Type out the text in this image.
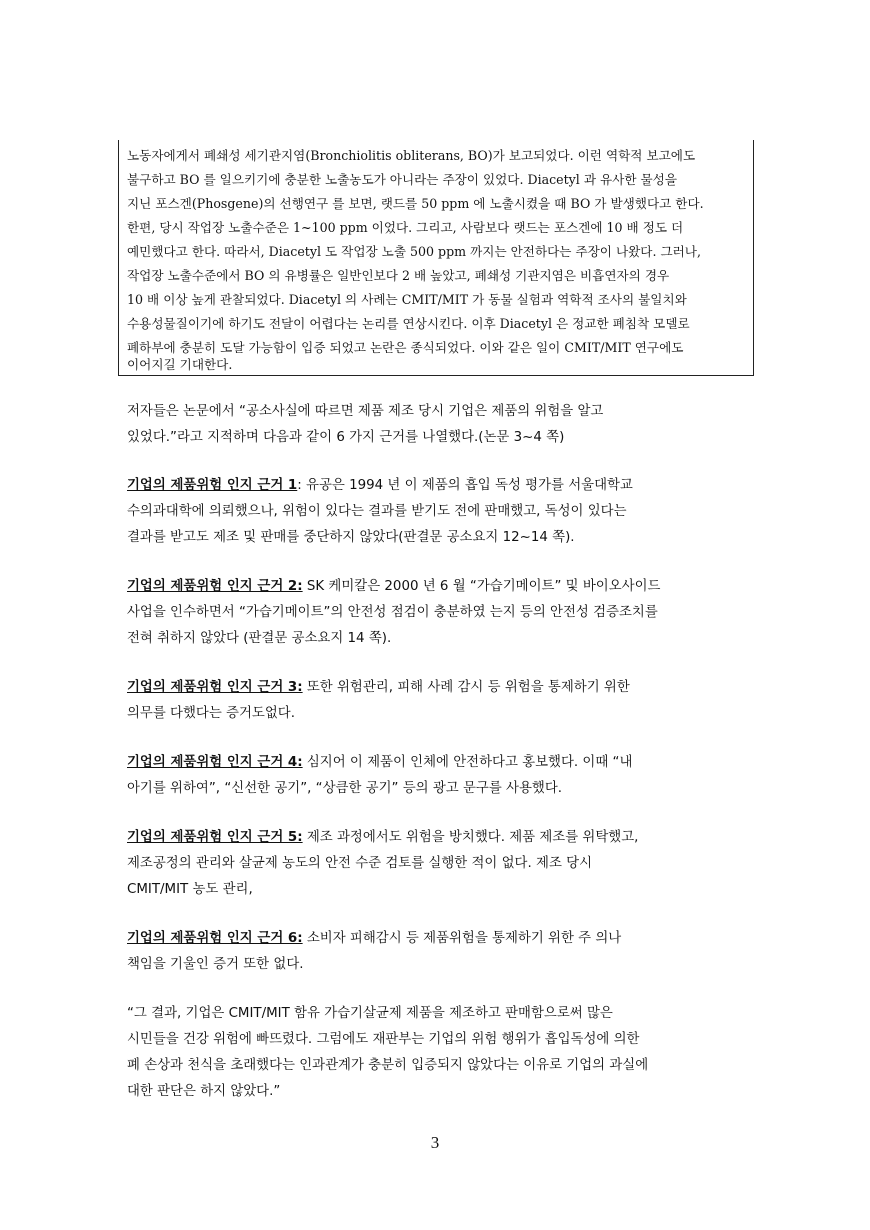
노동자에게서 폐쇄성 세기관지염(Bronchiolitis obliterans, BO)가 보고되었다. 이런 역학적 보고에도
불구하고 BO 를 일으키기에 충분한 노출농도가 아니라는 주장이 있었다. Diacetyl 과 유사한 물성을
지닌 포스겐(Phosgene)의 선행연구 를 보면, 랫드를 50 ppm 에 노출시켰을 때 BO 가 발생했다고 한다.
한편, 당시 작업장 노출수준은 1~100 ppm 이었다. 그리고, 사람보다 랫드는 포스겐에 10 배 정도 더
예민했다고 한다. 따라서, Diacetyl 도 작업장 노출 500 ppm 까지는 안전하다는 주장이 나왔다. 그러나,
작업장 노출수준에서 BO 의 유병률은 일반인보다 2 배 높았고, 폐쇄성 기관지염은 비흡연자의 경우
10 배 이상 높게 관찰되었다. Diacetyl 의 사례는 CMIT/MIT 가 동물 실험과 역학적 조사의 불일치와
수용성물질이기에 하기도 전달이 어렵다는 논리를 연상시킨다. 이후 Diacetyl 은 정교한 폐침착 모델로
폐하부에 충분히 도달 가능함이 입증 되었고 논란은 종식되었다. 이와 같은 일이 CMIT/MIT 연구에도
이어지길 기대한다.
저자들은 논문에서 “공소사실에 따르면 제품 제조 당시 기업은 제품의 위험을 알고
있었다.”라고 지적하며 다음과 같이 6 가지 근거를 나열했다.(논문 3~4 쪽)
기업의 제품위험 인지 근거 1: 유공은 1994 년 이 제품의 흡입 독성 평가를 서울대학교
수의과대학에 의뢰했으나, 위험이 있다는 결과를 받기도 전에 판매했고, 독성이 있다는
결과를 받고도 제조 및 판매를 중단하지 않았다(판결문 공소요지 12~14 쪽).
기업의 제품위험 인지 근거 2: SK 케미칼은 2000 년 6 월 “가습기메이트” 및 바이오사이드
사업을 인수하면서 “가습기메이트”의 안전성 점검이 충분하였 는지 등의 안전성 검증조치를
전혀 취하지 않았다 (판결문 공소요지 14 쪽).
기업의 제품위험 인지 근거 3: 또한 위험관리, 피해 사례 감시 등 위험을 통제하기 위한
의무를 다했다는 증거도없다.
기업의 제품위험 인지 근거 4: 심지어 이 제품이 인체에 안전하다고 홍보했다. 이때 “내
아기를 위하여”, “신선한 공기”, “상큼한 공기” 등의 광고 문구를 사용했다.
기업의 제품위험 인지 근거 5: 제조 과정에서도 위험을 방치했다. 제품 제조를 위탁했고,
제조공정의 관리와 살균제 농도의 안전 수준 검토를 실행한 적이 없다. 제조 당시
CMIT/MIT 농도 관리,
기업의 제품위험 인지 근거 6: 소비자 피해감시 등 제품위험을 통제하기 위한 주 의나
책임을 기울인 증거 또한 없다.
“그 결과, 기업은 CMIT/MIT 함유 가습기살균제 제품을 제조하고 판매함으로써 많은
시민들을 건강 위험에 빠뜨렸다. 그럼에도 재판부는 기업의 위험 행위가 흡입독성에 의한
폐 손상과 천식을 초래했다는 인과관계가 충분히 입증되지 않았다는 이유로 기업의 과실에
대한 판단은 하지 않았다.”
3
